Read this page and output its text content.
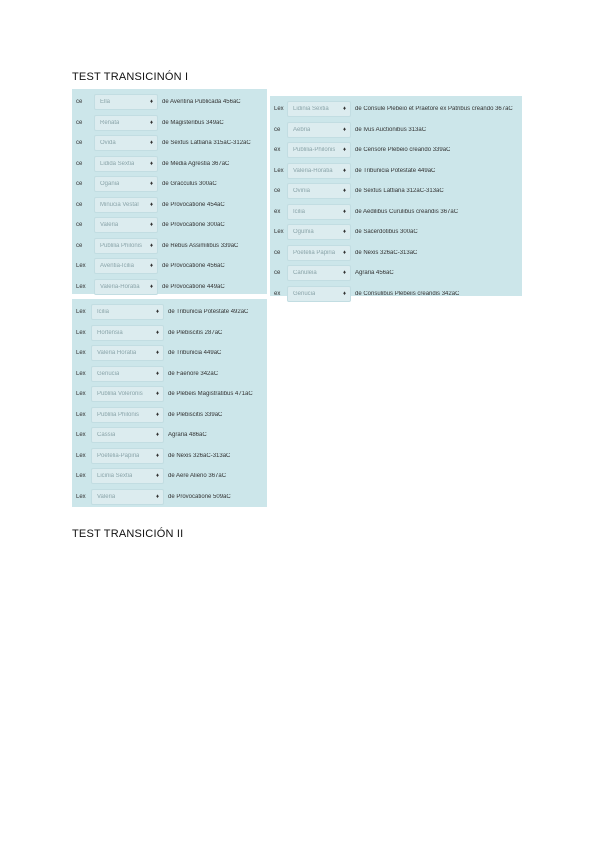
TEST TRANSICINÓN I
ce	Ella	♦ de Aventina Publicada 456aC
ce	Renata	♦ de Magisteribus 349aC
ce	Ovida	♦ de Sextus Lattiana 315aC-312aC
ce	Lidida Sextia	♦ de Media Agrestia 367aC
ce	Ogania	♦ de Gracculus 300aC
ce	Minucia Vestal ♦ de Provocatione 454aC
ce	Valeria	♦ de Provocatione 300aC
ce	Publilia Philonis ♦ de Rebus Assimilibus 339aC
Lex	Aventia-Icilia	♦ de Provocatione 456aC
Lex	Valeria-Horatia ♦ de Provocatione 449aC
Lex	Lidinia Sextia ♦ de Consule Plebeio et Praetore ex Patribus creando 367aC
ce	Aebria	♦ de Ivus Auctionibus 313aC
ex	Publilia-Philonis ♦ de Censore Plebeio creando 339aC
Lex	Valeria-Horatia ♦ de Tribunicia Potestate 449aC
ce	Ovinia	♦ de Sextus Lattiana 312aC-313aC
ex	Icilia	♦ de Aedilibus Curulibus creandis 367aC
Lex	Ogulnia	♦ de Sacerdotibus 300aC
ce	Poetelia Papiria ♦ de Nexis 326aC-313aC
ce	Canuleia	♦ Agraria 456aC
ex	Genucia	♦ de Consulibus Plebeiis creandis 342aC
Lex	Icilia	♦ de Tribunicia Potestate 492aC
Lex	Hortensia	♦ de Plebiscitis 287aC
Lex	Valeria Horatia	♦ de Tribunicia 449aC
Lex	Genucia	♦ de Faenore 342aC
Lex	Publilia Voleronis ♦ de Plebeis Magistratibus 471aC
Lex	Publilia Philonis	♦ de Plebiscitis 339aC
Lex	Cassia	♦ Agraria 486aC
Lex	Poetelia-Papiria	♦ de Nexis 326aC-313aC
Lex	Licinia Sextia	♦ de Aere Alieno 367aC
Lex	Valeria	♦ de Provocatione 509aC
TEST TRANSICIÓN II
